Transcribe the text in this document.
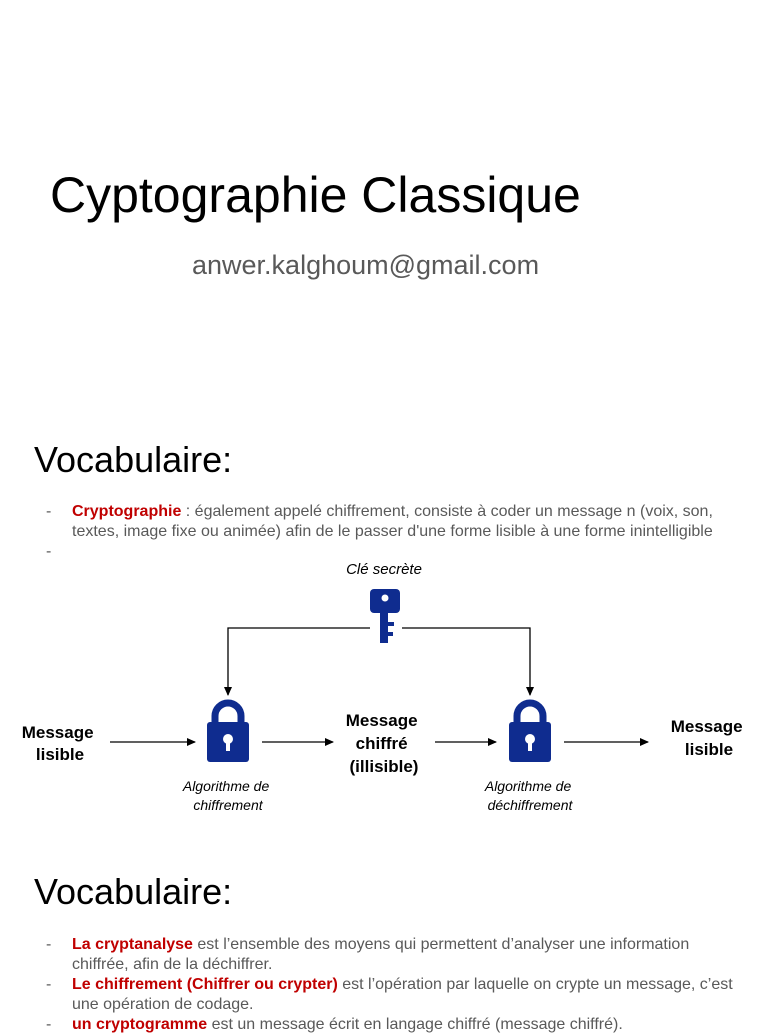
Cyptographie Classique
anwer.kalghoum@gmail.com
Vocabulaire:
-	Cryptographie : également appelé chiffrement, consiste à coder un message n (voix, son, textes, image fixe ou animée) afin de le passer d'une forme lisible à une forme inintelligible
-
Clé secrète
Message lisible
Message chiffré (illisible)
Message lisible
Algorithme de chiffrement
Algorithme de déchiffrement
Vocabulaire:
-	La cryptanalyse est l’ensemble des moyens qui permettent d’analyser une information chiffrée, afin de la déchiffrer.
-	Le chiffrement (Chiffrer ou crypter) est l’opération par laquelle on crypte un message, c’est une opération de codage.
-	un cryptogramme est un message écrit en langage chiffré (message chiffré).
